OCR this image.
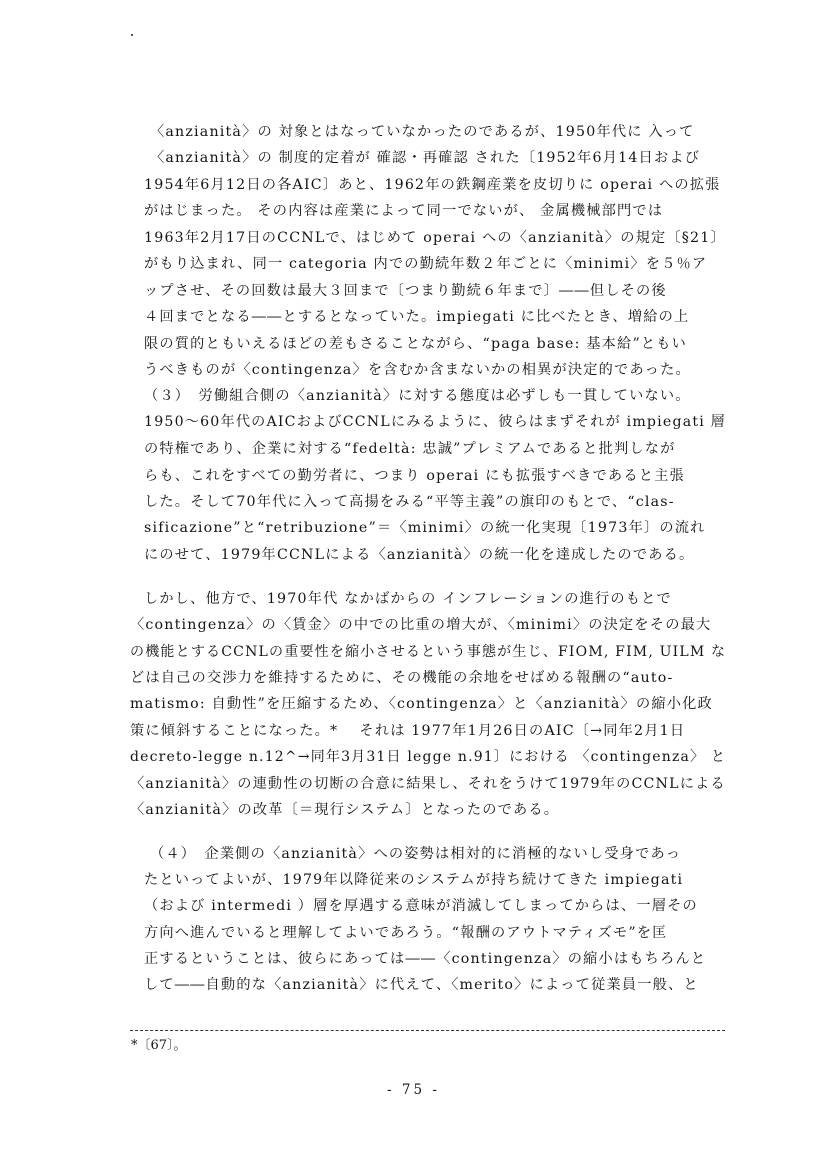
〈anzianità〉の 対象とはなっていなかったのであるが、1950年代に 入って
〈anzianità〉の 制度的定着が 確認・再確認 された〔1952年6月14日および
1954年6月12日の各AIC〕あと、1962年の鉄鋼産業を皮切りに operai への拡張
がはじまった。 その内容は産業によって同一でないが、 金属機械部門では
1963年2月17日のCCNLで、はじめて operai への〈anzianità〉の規定〔§21〕
がもり込まれ、同一 categoria 内での勤続年数２年ごとに〈minimi〉を５％ア
ップさせ、その回数は最大３回まで〔つまり勤続６年まで〕――但しその後
４回までとなる――とするとなっていた。impiegati に比べたとき、増給の上
限の質的ともいえるほどの差もさることながら、“paga base: 基本給”ともい
うべきものが〈contingenza〉を含むか含まないかの相異が決定的であった。
（３）　労働組合側の〈anzianità〉に対する態度は必ずしも一貫していない。
1950～60年代のAICおよびCCNLにみるように、彼らはまずそれが impiegati 層
の特権であり、企業に対する“fedeltà: 忠誠”プレミアムであると批判しなが
らも、これをすべての勤労者に、つまり operai にも拡張すべきであると主張
した。そして70年代に入って高揚をみる“平等主義”の旗印のもとで、“clas-
sificazione”と“retribuzione”＝〈minimi〉の統一化実現〔1973年〕の流れ
にのせて、1979年CCNLによる〈anzianità〉の統一化を達成したのである。
しかし、他方で、1970年代 なかばからの インフレーションの進行のもとで
〈contingenza〉の〈賃金〉の中での比重の増大が、〈minimi〉の決定をその最大
の機能とするCCNLの重要性を縮小させるという事態が生じ、FIOM, FIM, UILM な
どは自己の交渉力を維持するために、その機能の余地をせばめる報酬の“auto-
matismo: 自動性”を圧縮するため、〈contingenza〉と〈anzianità〉の縮小化政
策に傾斜することになった。*　 それは 1977年1月26日のAIC〔→同年2月1日
decreto-legge n.12^→同年3月31日 legge n.91〕における 〈contingenza〉 と
〈anzianità〉の連動性の切断の合意に結果し、それをうけて1979年のCCNLによる
〈anzianità〉の改革〔＝現行システム〕となったのである。
（４）　企業側の〈anzianità〉への姿勢は相対的に消極的ないし受身であっ
たといってよいが、1979年以降従来のシステムが持ち続けてきた impiegati
（および intermedi ）層を厚遇する意味が消滅してしまってからは、一層その
方向へ進んでいると理解してよいであろう。“報酬のアウトマティズモ”を匡
正するということは、彼らにあっては――〈contingenza〉の縮小はもちろんと
して――自動的な〈anzianità〉に代えて、〈merito〉によって従業員一般、と
*〔67〕。
- 75 -
